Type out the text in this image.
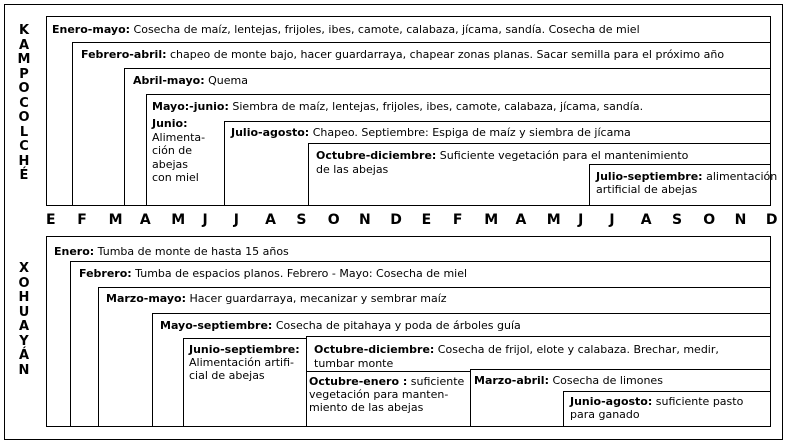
K
A
M
P
O
C
O
L
C
H
É
X
O
H
U
A
Y
Á
N
Enero-mayo: Cosecha de maíz, lentejas, frijoles, ibes, camote, calabaza, jícama, sandía. Cosecha de miel
Febrero-abril: chapeo de monte bajo, hacer guardarraya, chapear zonas planas. Sacar semilla para el próximo año
Abril-mayo: Quema
Mayo:-junio: Siembra de maíz, lentejas, frijoles, ibes, camote, calabaza, jícama, sandía.
Junio:
Alimenta-
ción de
abejas
con miel
Julio-agosto: Chapeo. Septiembre: Espiga de maíz y siembra de jícama
Octubre-diciembre: Suficiente vegetación para el mantenimiento
de las abejas
Julio-septiembre: alimentación
artificial de abejas
E F M A M J J A S O N D E F M A M J J A S O N D
Enero: Tumba de monte de hasta 15 años
Febrero: Tumba de espacios planos. Febrero - Mayo: Cosecha de miel
Marzo-mayo: Hacer guardarraya, mecanizar y sembrar maíz
Mayo-septiembre: Cosecha de pitahaya y poda de árboles guía
Junio-septiembre:
Alimentación artifi-
cial de abejas
Octubre-diciembre: Cosecha de frijol, elote y calabaza. Brechar, medir,
tumbar monte
Octubre-enero : suficiente
vegetación para manten-
miento de las abejas
Marzo-abril: Cosecha de limones
Junio-agosto: suficiente pasto
para ganado
